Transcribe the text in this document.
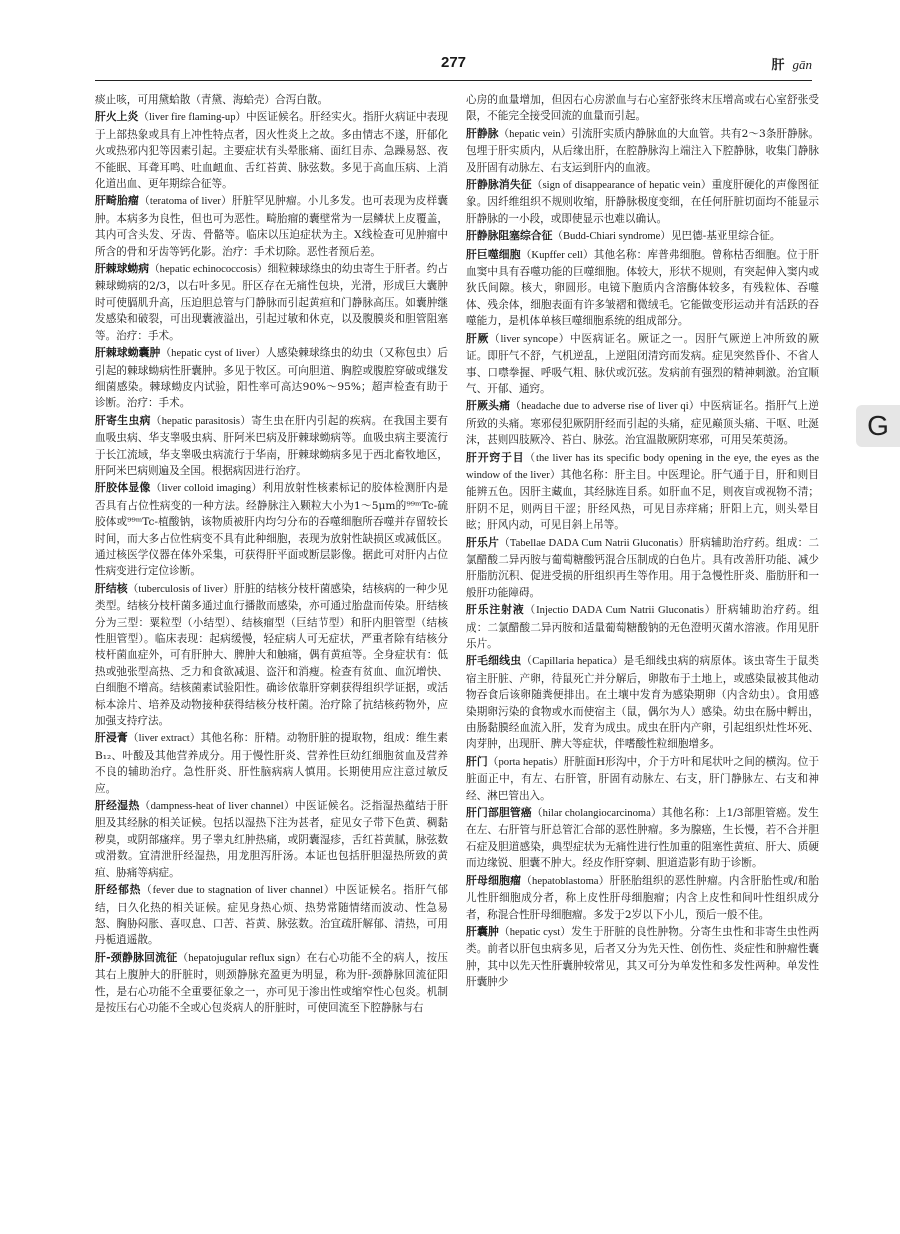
277	肝 gān

痰止咳，可用黛蛤散（青黛、海蛤壳）合泻白散。

肝火上炎（liver fire flaming-up）中医证候名。肝经实火。指肝火病证中表现于上部热象或具有上冲性特点者，因火性炎上之故。多由情志不遂，肝郁化火或热邪内犯等因素引起。主要症状有头晕胀痛、面红目赤、急躁易怒、夜不能眠、耳聋耳鸣、吐血衄血、舌红苔黄、脉弦数。多见于高血压病、上消化道出血、更年期综合征等。

肝畸胎瘤（teratoma of liver）肝脏罕见肿瘤。小儿多发。也可表现为皮样囊肿。本病多为良性，但也可为恶性。畸胎瘤的囊壁常为一层鳞状上皮覆盖，其内可含头发、牙齿、骨骼等。临床以压迫症状为主。X线检查可见肿瘤中所含的骨和牙齿等钙化影。治疗：手术切除。恶性者预后差。

肝棘球蚴病（hepatic echinococcosis）细粒棘球绦虫的幼虫寄生于肝者。约占棘球蚴病的2/3，以右叶多见。肝区存在无痛性包块，光滑，形成巨大囊肿时可使膈肌升高，压迫胆总管与门静脉而引起黄疸和门静脉高压。如囊肿继发感染和破裂，可出现囊液溢出，引起过敏和休克，以及腹膜炎和胆管阻塞等。治疗：手术。

肝棘球蚴囊肿（hepatic cyst of liver）人感染棘球绦虫的幼虫（又称包虫）后引起的棘球蚴病性肝囊肿。多见于牧区。可向胆道、胸腔或腹腔穿破或继发细菌感染。棘球蚴皮内试验，阳性率可高达90%～95%；超声检查有助于诊断。治疗：手术。

肝寄生虫病（hepatic parasitosis）寄生虫在肝内引起的疾病。在我国主要有血吸虫病、华支睾吸虫病、肝阿米巴病及肝棘球蚴病等。血吸虫病主要流行于长江流域，华支睾吸虫病流行于华南，肝棘球蚴病多见于西北畜牧地区，肝阿米巴病则遍及全国。根据病因进行治疗。

肝胶体显像（liver colloid imaging）利用放射性核素标记的胶体检测肝内是否具有占位性病变的一种方法。经静脉注入颗粒大小为1～5μm的⁹⁹ᵐTc-硫胶体或⁹⁹ᵐTc-植酸钠，该物质被肝内均匀分布的吞噬细胞所吞噬并存留较长时间，而大多占位性病变不具有此种细胞，表现为放射性缺损区或减低区。通过核医学仪器在体外采集，可获得肝平面或断层影像。据此可对肝内占位性病变进行定位诊断。

肝结核（tuberculosis of liver）肝脏的结核分枝杆菌感染，结核病的一种少见类型。结核分枝杆菌多通过血行播散而感染，亦可通过胎盘而传染。肝结核分为三型：粟粒型（小结型）、结核瘤型（巨结节型）和肝内胆管型（结核性胆管型）。临床表现：起病缓慢，轻症病人可无症状，严重者除有结核分枝杆菌血症外，可有肝肿大、脾肿大和触痛，偶有黄疸等。全身症状有：低热或弛张型高热、乏力和食欲减退、盗汗和消瘦。检查有贫血、血沉增快、白细胞不增高。结核菌素试验阳性。确诊依靠肝穿刺获得组织学证据，或活标本涂片、培养及动物接种获得结核分枝杆菌。治疗除了抗结核药物外，应加强支持疗法。

肝浸膏（liver extract）其他名称：肝精。动物肝脏的提取物，组成：维生素B₁₂、叶酸及其他营养成分。用于慢性肝炎、营养性巨幼红细胞贫血及营养不良的辅助治疗。急性肝炎、肝性脑病病人慎用。长期使用应注意过敏反应。

肝经湿热（dampness-heat of liver channel）中医证候名。泛指湿热蕴结于肝胆及其经脉的相关证候。包括以湿热下注为甚者，症见女子带下色黄、稠黏秽臭，或阴部瘙痒。男子睾丸红肿热痛，或阴囊湿疹，舌红苔黄腻，脉弦数或滑数。宜清泄肝经湿热，用龙胆泻肝汤。本证也包括肝胆湿热所致的黄疸、胁痛等病症。

肝经郁热（fever due to stagnation of liver channel）中医证候名。指肝气郁结，日久化热的相关证候。症见身热心烦、热势常随情绪而波动、性急易怒、胸胁闷胀、喜叹息、口苦、苔黄、脉弦数。治宜疏肝解郁、清热，可用丹栀逍遥散。

肝-颈静脉回流征（hepatojugular reflux sign）在右心功能不全的病人，按压其右上腹肿大的肝脏时，则颈静脉充盈更为明显，称为肝-颈静脉回流征阳性，是右心功能不全重要征象之一，亦可见于渗出性或缩窄性心包炎。机制是按压右心功能不全或心包炎病人的肝脏时，可使回流至下腔静脉与右

心房的血量增加，但因右心房淤血与右心室舒张终末压增高或右心室舒张受限，不能完全接受回流的血量而引起。

肝静脉（hepatic vein）引流肝实质内静脉血的大血管。共有2～3条肝静脉。包埋于肝实质内，从后缘出肝，在腔静脉沟上端注入下腔静脉，收集门静脉及肝固有动脉左、右支运到肝内的血液。

肝静脉消失征（sign of disappearance of hepatic vein）重度肝硬化的声像图征象。因纤维组织不规则收缩，肝静脉极度变细，在任何肝脏切面均不能显示肝静脉的一小段，或即使显示也难以确认。

肝静脉阻塞综合征（Budd-Chiari syndrome）见巴德-基亚里综合征。

肝巨噬细胞（Kupffer cell）其他名称：库普弗细胞。曾称枯否细胞。位于肝血窦中具有吞噬功能的巨噬细胞。体较大，形状不规则，有突起伸入窦内或狄氏间隙。核大，卵圆形。电镜下胞质内含溶酶体较多，有残粒体、吞噬体、残余体，细胞表面有许多皱褶和微绒毛。它能做变形运动并有活跃的吞噬能力，是机体单核巨噬细胞系统的组成部分。

肝厥（liver syncope）中医病证名。厥证之一。因肝气厥逆上冲所致的厥证。即肝气不舒，气机逆乱，上逆阻闭清窍而发病。症见突然昏仆、不省人事、口噤拳握、呼吸气粗、脉伏或沉弦。发病前有强烈的精神刺激。治宜顺气、开郁、通窍。

肝厥头痛（headache due to adverse rise of liver qi）中医病证名。指肝气上逆所致的头痛。寒邪侵犯厥阴肝经而引起的头痛，症见巅顶头痛、干呕、吐涎沫，甚则四肢厥冷、苔白、脉弦。治宜温散厥阴寒邪，可用吴茱萸汤。

肝开窍于目（the liver has its specific body opening in the eye, the eyes as the window of the liver）其他名称：肝主目。中医理论。肝气通于目，肝和则目能辨五色。因肝主藏血，其经脉连目系。如肝血不足，则夜盲或视物不清；肝阴不足，则两目干涩；肝经风热，可见目赤痒痛；肝阳上亢，则头晕目眩；肝风内动，可见目斜上吊等。

肝乐片（Tabellae DADA Cum Natrii Gluconatis）肝病辅助治疗药。组成：二氯醋酸二异丙胺与葡萄糖酸钙混合压制成的白色片。具有改善肝功能、减少肝脂肪沉积、促进受损的肝组织再生等作用。用于急慢性肝炎、脂肪肝和一般肝功能障碍。

肝乐注射液（Injectio DADA Cum Natrii Gluconatis）肝病辅助治疗药。组成：二氯醋酸二异丙胺和适量葡萄糖酸钠的无色澄明灭菌水溶液。作用见肝乐片。

肝毛细线虫（Capillaria hepatica）是毛细线虫病的病原体。该虫寄生于鼠类宿主肝脏、产卵，待鼠死亡并分解后，卵散布于土地上，或感染鼠被其他动物吞食后该卵随粪便排出。在土壤中发育为感染期卵（内含幼虫）。食用感染期卵污染的食物或水而使宿主（鼠，偶尔为人）感染。幼虫在肠中孵出，由肠黏膜经血流入肝，发育为成虫。成虫在肝内产卵，引起组织灶性坏死、肉芽肿，出现肝、脾大等症状，伴嗜酸性粒细胞增多。

肝门（porta hepatis）肝脏面H形沟中，介于方叶和尾状叶之间的横沟。位于脏面正中，有左、右肝管，肝固有动脉左、右支，肝门静脉左、右支和神经、淋巴管出入。

肝门部胆管癌（hilar cholangiocarcinoma）其他名称：上1/3部胆管癌。发生在左、右肝管与肝总管汇合部的恶性肿瘤。多为腺癌，生长慢，若不合并胆石症及胆道感染，典型症状为无痛性进行性加重的阻塞性黄疸、肝大、质硬而边缘锐、胆囊不肿大。经皮作肝穿刺、胆道造影有助于诊断。

肝母细胞瘤（hepatoblastoma）肝胚胎组织的恶性肿瘤。内含肝胎性或/和胎儿性肝细胞成分者，称上皮性肝母细胞瘤；内含上皮性和间叶性组织成分者，称混合性肝母细胞瘤。多发于2岁以下小儿，预后一般不佳。

肝囊肿（hepatic cyst）发生于肝脏的良性肿物。分寄生虫性和非寄生虫性两类。前者以肝包虫病多见，后者又分为先天性、创伤性、炎症性和肿瘤性囊肿，其中以先天性肝囊肿较常见，其又可分为单发性和多发性两种。单发性肝囊肿少

G
